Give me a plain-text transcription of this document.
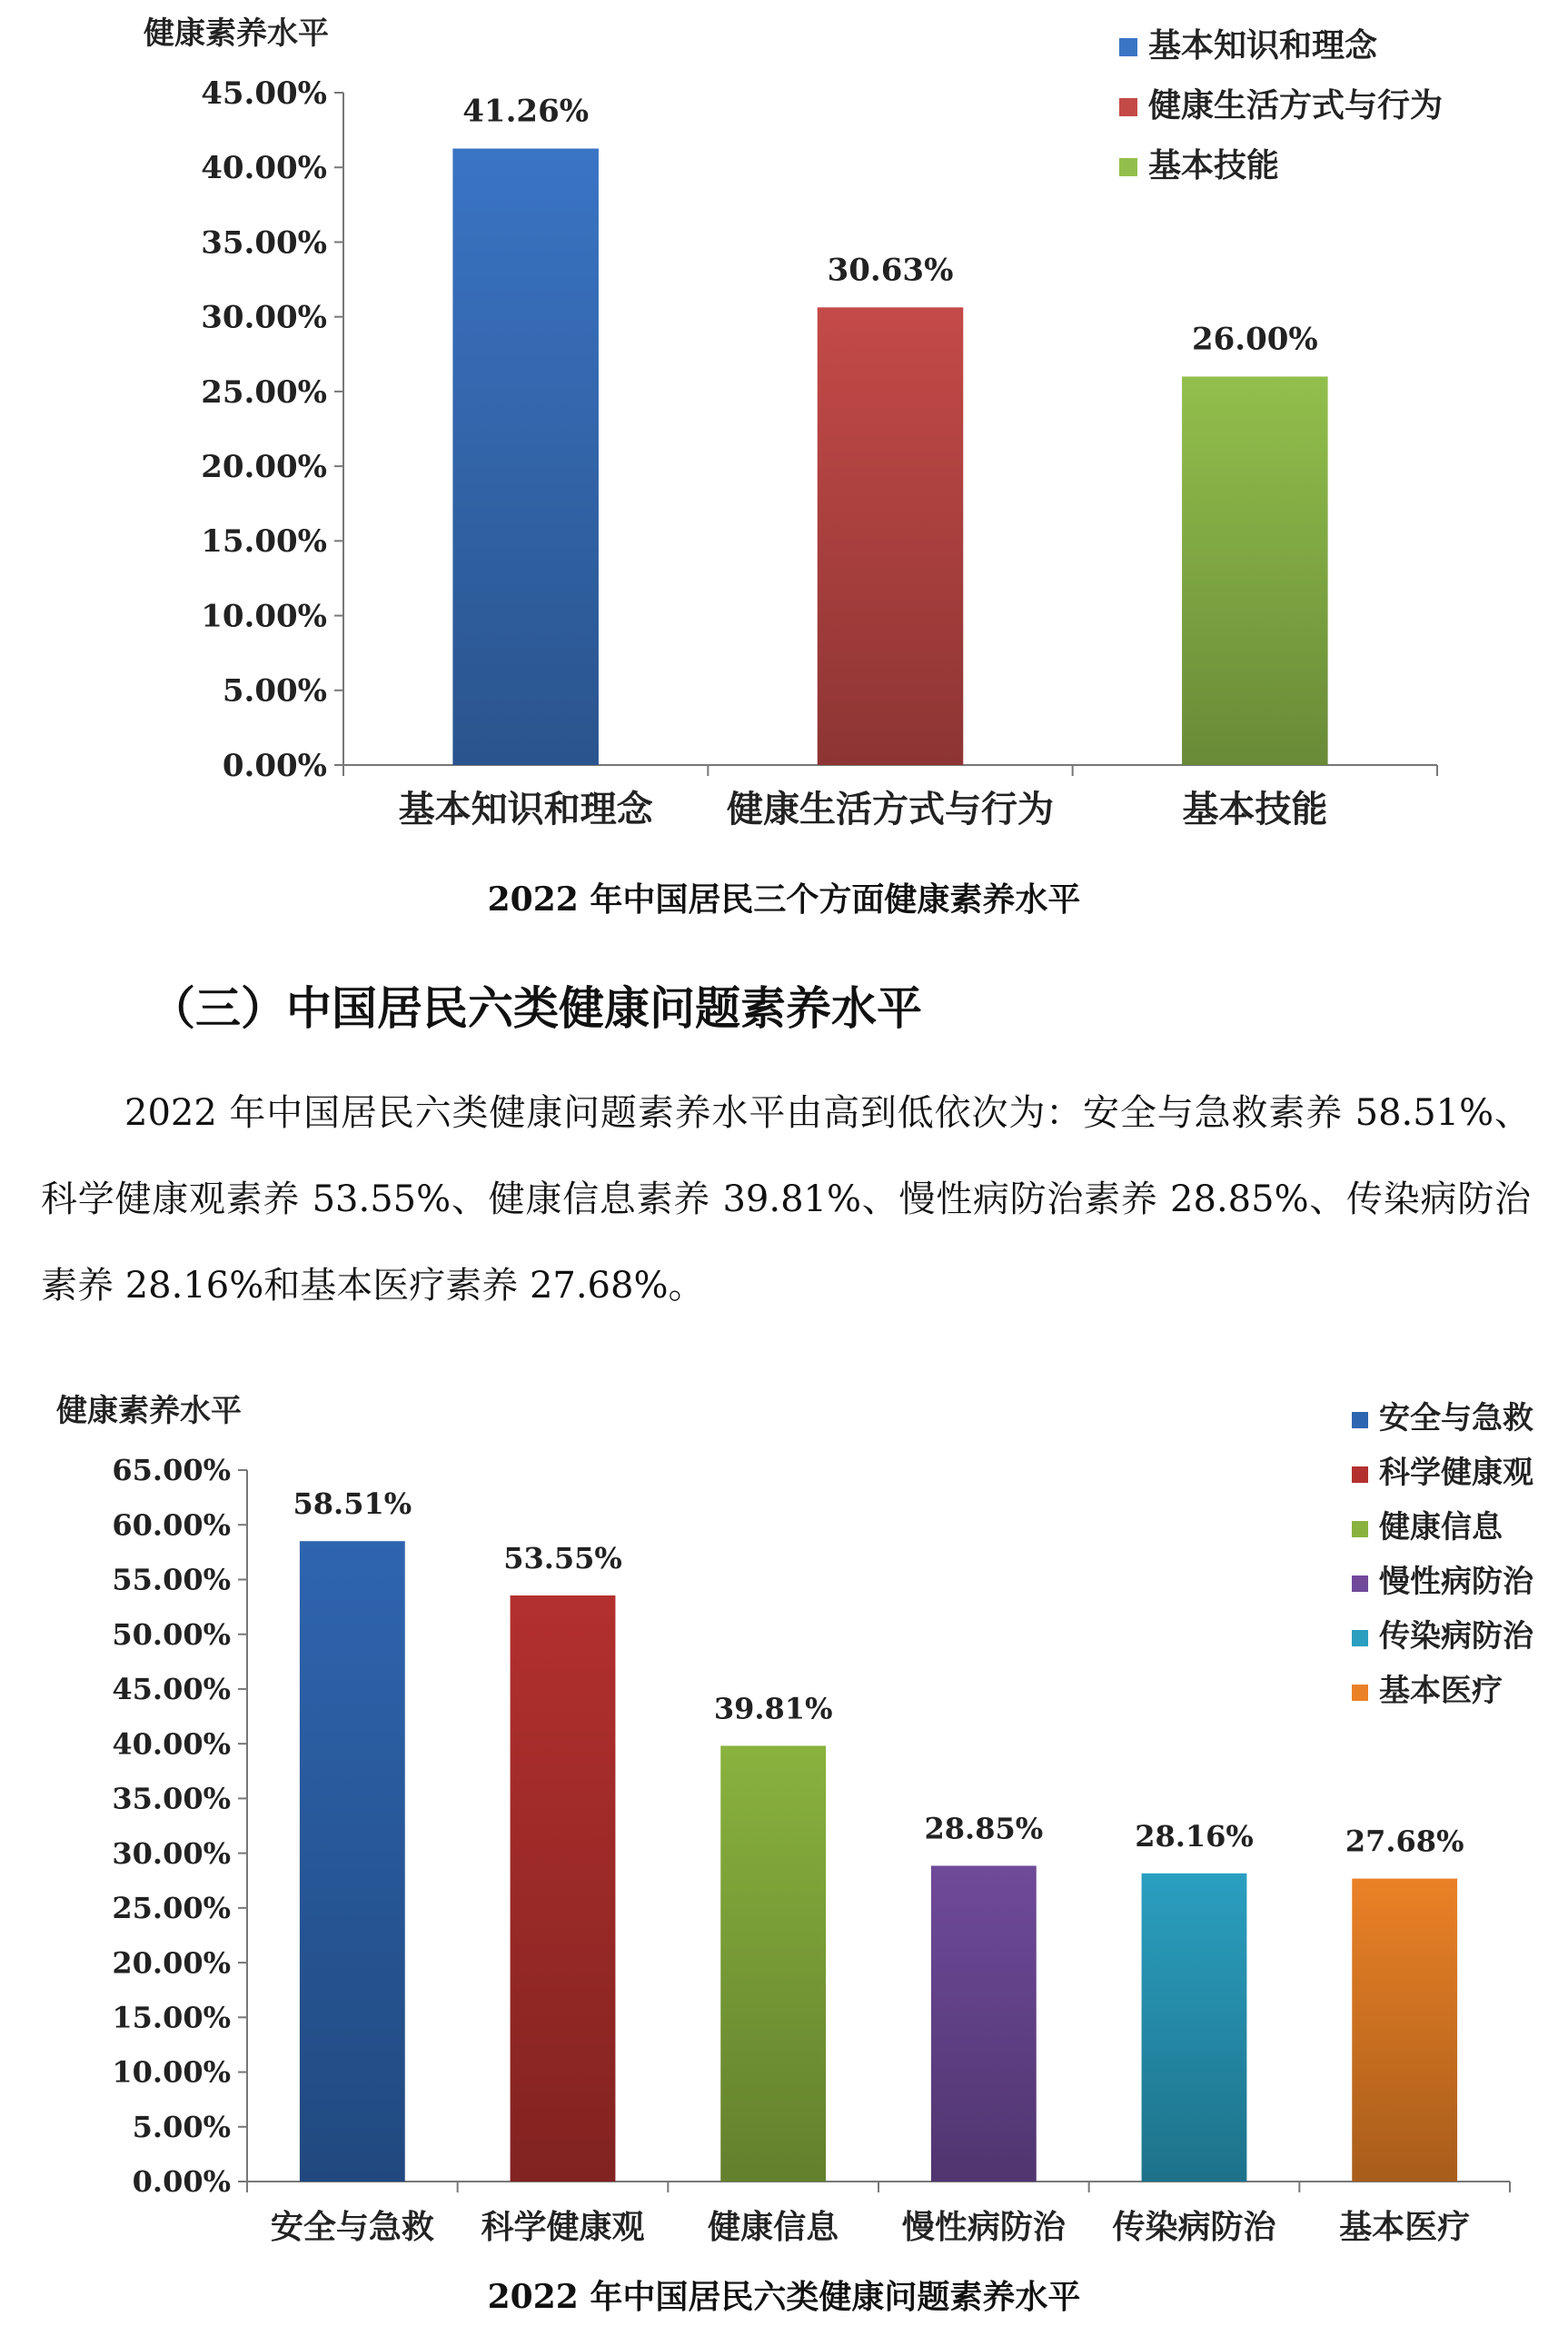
健康素养水平
0.00%
5.00%
10.00%
15.00%
20.00%
25.00%
30.00%
35.00%
40.00%
45.00%	41.26%
基本知识和理念
30.63%
健康生活方式与行为
26.00%
基本技能
基本知识和理念
健康生活方式与行为
基本技能

2022 年中国居民三个方面健康素养水平

（三）中国居民六类健康问题素养水平

2022 年中国居民六类健康问题素养水平由高到低依次为：安全与急救素养 58.51%、科学健康观素养 53.55%、健康信息素养 39.81%、慢性病防治素养 28.85%、传染病防治素养 28.16%和基本医疗素养 27.68%。

健康素养水平
0.00%
5.00%
10.00%
15.00%
20.00%
25.00%
30.00%
35.00%
40.00%
45.00%
50.00%
55.00%
60.00%
65.00%
58.51%
安全与急救
53.55%
科学健康观
39.81%
健康信息
28.85%
慢性病防治
28.16%
传染病防治
27.68%
基本医疗
安全与急救
科学健康观
健康信息
慢性病防治
传染病防治
基本医疗

2022 年中国居民六类健康问题素养水平
